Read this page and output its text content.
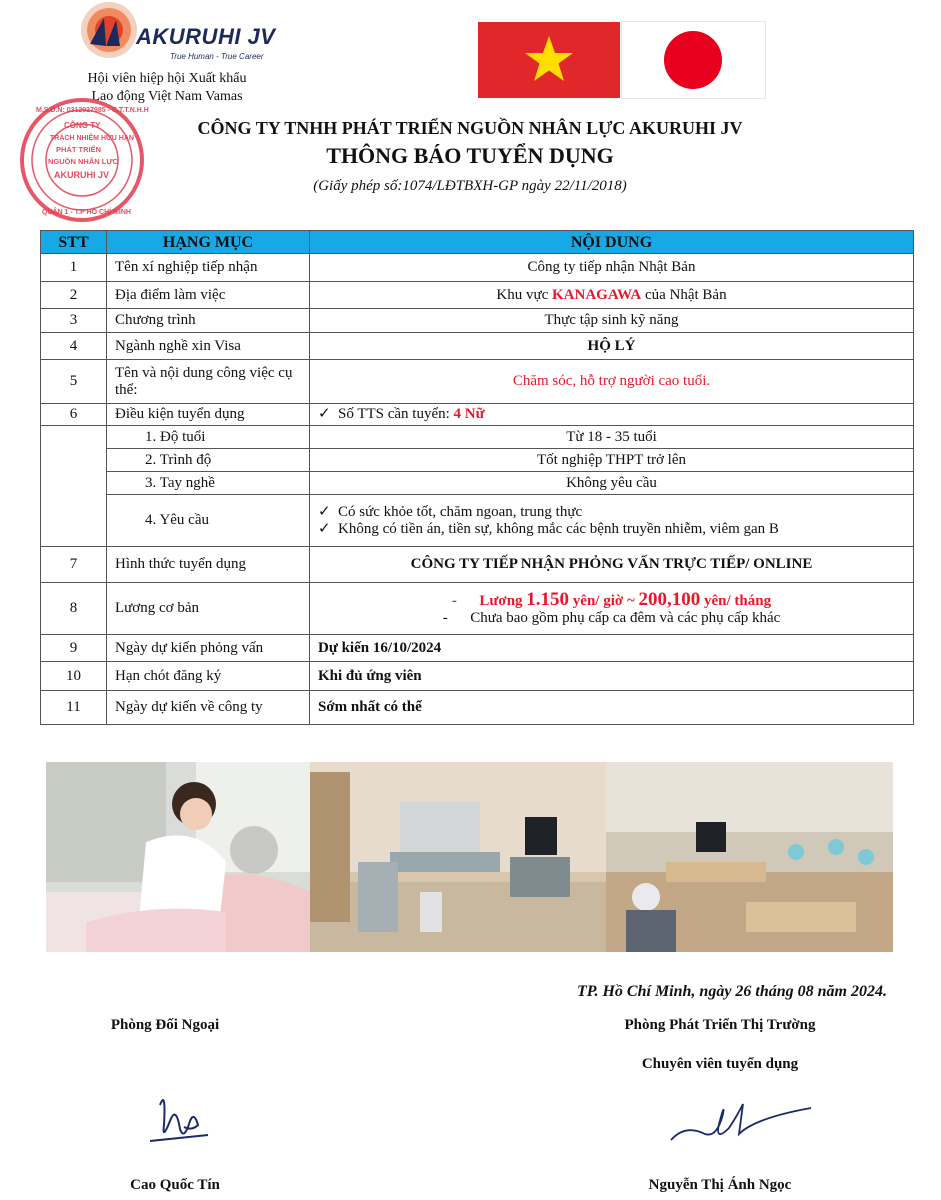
AKURUHI JV
True Human - True Career
Hội viên hiệp hội Xuất khẩu
Lao động Việt Nam Vamas
CÔNG TY
TRÁCH NHIỆM HỮU HẠN
PHÁT TRIỂN
NGUỒN NHÂN LỰC
AKURUHI JV
QUẬN 1 - T.P HỒ CHÍ MINH
M.S.D.N: 0312927985 - C.T.T.N.H.H
CÔNG TY TNHH PHÁT TRIỂN NGUỒN NHÂN LỰC AKURUHI JV
THÔNG BÁO TUYỂN DỤNG
(Giấy phép số:1074/LĐTBXH-GP ngày 22/11/2018)
STT	HẠNG MỤC	NỘI DUNG
1	Tên xí nghiệp tiếp nhận	Công ty tiếp nhận Nhật Bản
2	Địa điểm làm việc	Khu vực KANAGAWA của Nhật Bản
3	Chương trình	Thực tập sinh kỹ năng
4	Ngành nghề xin Visa	HỘ LÝ
5	Tên và nội dung công việc cụ thể:	Chăm sóc, hỗ trợ người cao tuổi.
6	Điều kiện tuyển dụng	✓ Số TTS cần tuyển: 4 Nữ
	1. Độ tuổi	Từ 18 - 35 tuổi
	2. Trình độ	Tốt nghiệp THPT trở lên
	3. Tay nghề	Không yêu cầu
	4. Yêu cầu	✓ Có sức khỏe tốt, chăm ngoan, trung thực
✓ Không có tiền án, tiền sự, không mắc các bệnh truyền nhiễm, viêm gan B

7	Hình thức tuyển dụng	CÔNG TY TIẾP NHẬN PHỎNG VẤN TRỰC TIẾP/ ONLINE
8	Lương cơ bản	-      Lương 1.150 yên/ giờ ~ 200,100 yên/ tháng
-      Chưa bao gồm phụ cấp ca đêm và các phụ cấp khác

9	Ngày dự kiến phỏng vấn	Dự kiến 16/10/2024
10	Hạn chót đăng ký	Khi đủ ứng viên
11	Ngày dự kiến về công ty	Sớm nhất có thể
TP. Hồ Chí Minh, ngày 26 tháng 08 năm 2024.
Phòng Đối Ngoại
Cao Quốc Tín
Phòng Phát Triển Thị Trường
Chuyên viên tuyển dụng
Nguyễn Thị Ánh Ngọc
